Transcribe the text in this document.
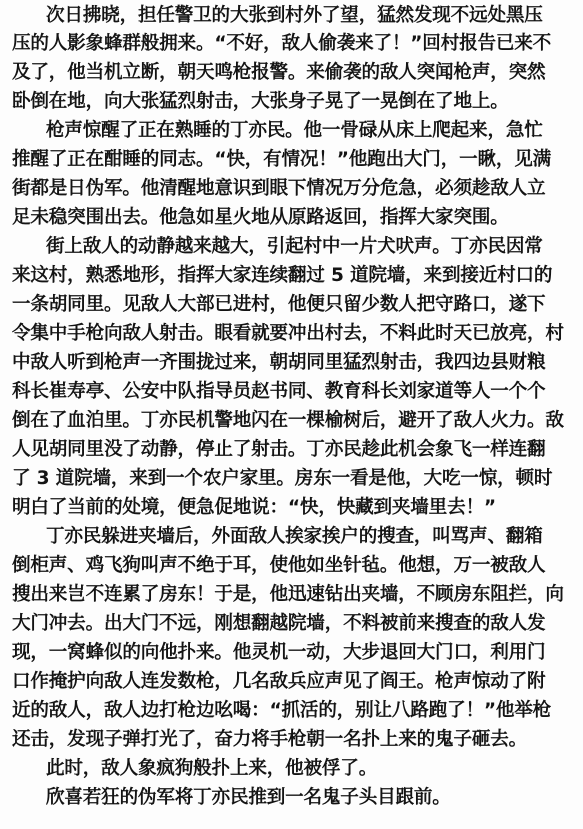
次日拂晓，担任警卫的大张到村外了望，猛然发现不远处黑压
压的人影象蜂群般拥来。“不好，敌人偷袭来了！”回村报告已来不
及了，他当机立断，朝天鸣枪报警。来偷袭的敌人突闻枪声，突然
卧倒在地，向大张猛烈射击，大张身子晃了一晃倒在了地上。
枪声惊醒了正在熟睡的丁亦民。他一骨碌从床上爬起来，急忙
推醒了正在酣睡的同志。“快，有情况！”他跑出大门，一瞅，见满
街都是日伪军。他清醒地意识到眼下情况万分危急，必须趁敌人立
足未稳突围出去。他急如星火地从原路返回，指挥大家突围。
街上敌人的动静越来越大，引起村中一片犬吠声。丁亦民因常
来这村，熟悉地形，指挥大家连续翻过 5 道院墙，来到接近村口的
一条胡同里。见敌人大部已进村，他便只留少数人把守路口，遂下
令集中手枪向敌人射击。眼看就要冲出村去，不料此时天已放亮，村
中敌人听到枪声一齐围拢过来，朝胡同里猛烈射击，我四边县财粮
科长崔寿亭、公安中队指导员赵书同、教育科长刘家道等人一个个
倒在了血泊里。丁亦民机警地闪在一棵榆树后，避开了敌人火力。敌
人见胡同里没了动静，停止了射击。丁亦民趁此机会象飞一样连翻
了 3 道院墙，来到一个农户家里。房东一看是他，大吃一惊，顿时
明白了当前的处境，便急促地说：“快，快藏到夹墙里去！”
丁亦民躲进夹墙后，外面敌人挨家挨户的搜查，叫骂声、翻箱
倒柜声、鸡飞狗叫声不绝于耳，使他如坐针毡。他想，万一被敌人
搜出来岂不连累了房东！于是，他迅速钻出夹墙，不顾房东阻拦，向
大门冲去。出大门不远，刚想翻越院墙，不料被前来搜查的敌人发
现，一窝蜂似的向他扑来。他灵机一动，大步退回大门口，利用门
口作掩护向敌人连发数枪，几名敌兵应声见了阎王。枪声惊动了附
近的敌人，敌人边打枪边吆喝：“抓活的，别让八路跑了！”他举枪
还击，发现子弹打光了，奋力将手枪朝一名扑上来的鬼子砸去。
此时，敌人象疯狗般扑上来，他被俘了。
欣喜若狂的伪军将丁亦民推到一名鬼子头目跟前。
